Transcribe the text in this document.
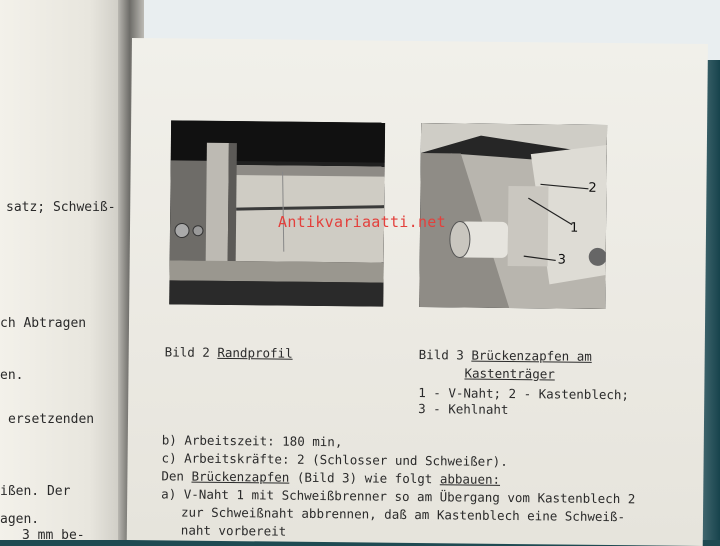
satz; Schweiß-
ch Abtragen
en.
ersetzenden
ißen. Der
agen.
3 mm be-
2
1
3
Bild 2 Randprofil	Bild 3 Brückenzapfen am
Kastenträger
1 - V-Naht; 2 - Kastenblech;
3 - Kehlnaht
b) Arbeitszeit: 180 min,
c) Arbeitskräfte: 2 (Schlosser und Schweißer).
Den Brückenzapfen (Bild 3) wie folgt abbauen:
a) V-Naht 1 mit Schweißbrenner so am Übergang vom Kastenblech 2
zur Schweißnaht abbrennen, daß am Kastenblech eine Schweiß-
naht vorbereit
Antikvariaatti.net
